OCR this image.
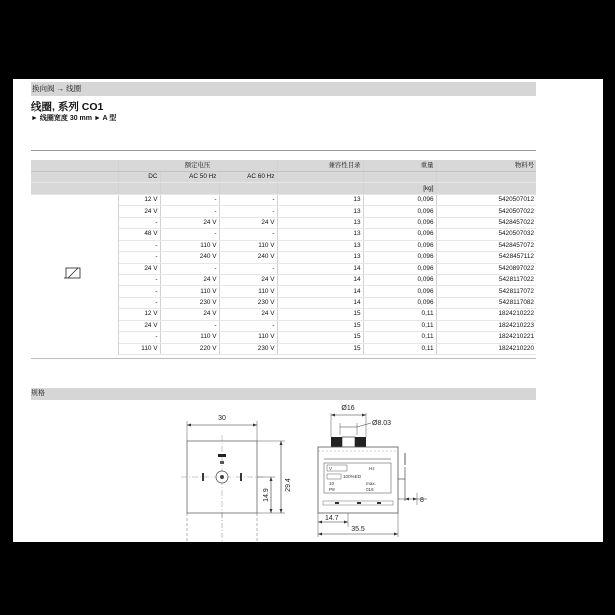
换向阀 → 线圈
线圈, 系列 CO1
► 线圈宽度 30 mm ► A 型
	额定电压			兼容性目录	重量	物料号
	DC	AC 50 Hz	AC 60 Hz			
					[kg]	
	12 V	-	-	13	0,096	5420507012
	24 V	-	-	13	0,096	5420507022
	-	24 V	24 V	13	0,096	5428457022
	48 V	-	-	13	0,096	5420507032
	-	110 V	110 V	13	0,096	5428457072
	-	240 V	240 V	13	0,096	5428457112
	24 V	-	-	14	0,096	5420897022
	-	24 V	24 V	14	0,096	5428117022
	-	110 V	110 V	14	0,096	5428117072
	-	230 V	230 V	14	0,096	5428117082
	12 V	24 V	24 V	15	0,11	1824210222
	24 V	-	-	15	0,11	1824210223
	-	110 V	110 V	15	0,11	1824210221
	110 V	220 V	230 V	15	0,11	1824210220
规格
30
29.4
14.9
Ø16
Ø8.03
V	Hz
100%ED
10	max.
P8	016
8
14.7
35.5
